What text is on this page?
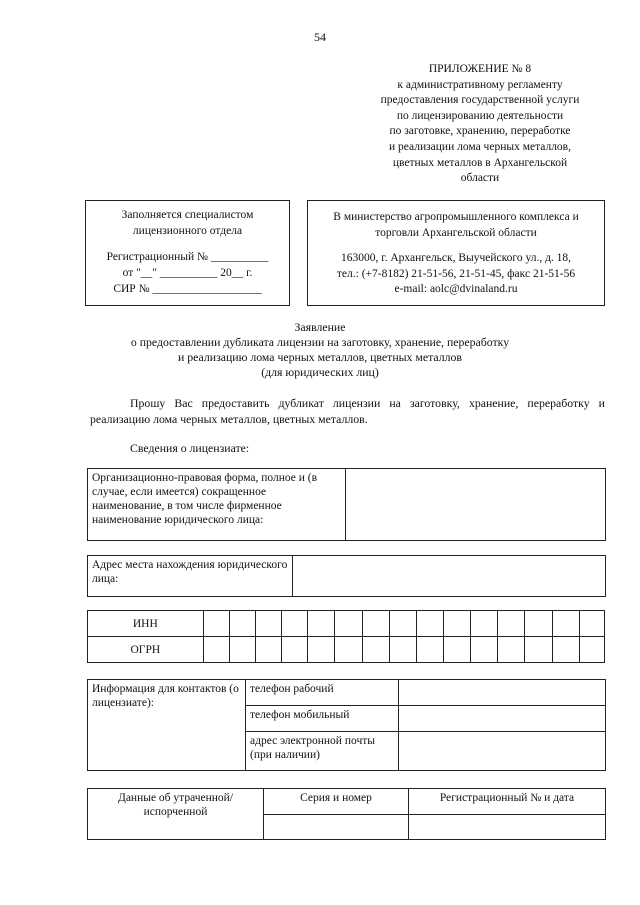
54
ПРИЛОЖЕНИЕ № 8
к административному регламенту
предоставления государственной услуги
по лицензированию деятельности
по заготовке, хранению, переработке
и реализации лома черных металлов,
цветных металлов в Архангельской
области
Заполняется специалистом
лицензионного отдела
Регистрационный № __________
от "__" __________ 20__ г.
СИР № ___________________
В министерство агропромышленного комплекса и
торговли Архангельской области
163000, г. Архангельск, Выучейского ул., д. 18,
тел.: (+7-8182) 21-51-56, 21-51-45, факс 21-51-56
e-mail: aolc@dvinaland.ru
Заявление
о предоставлении дубликата лицензии на заготовку, хранение, переработку
и реализацию лома черных металлов, цветных металлов
(для юридических лиц)
Прошу Вас предоставить дубликат лицензии на заготовку, хранение, переработку и реализацию лома черных металлов, цветных металлов.
Сведения о лицензиате:
Организационно-правовая форма, полное и (в случае, если имеется) сокращенное наименование, в том числе фирменное наименование юридического лица:	
Адрес места нахождения юридического лица:	
ИНН															
ОГРН															
Информация для контактов (о лицензиате):	телефон рабочий	
	телефон мобильный	
	адрес электронной почты (при наличии)	
Данные об утраченной/испорченной	Серия и номер	Регистрационный № и дата
